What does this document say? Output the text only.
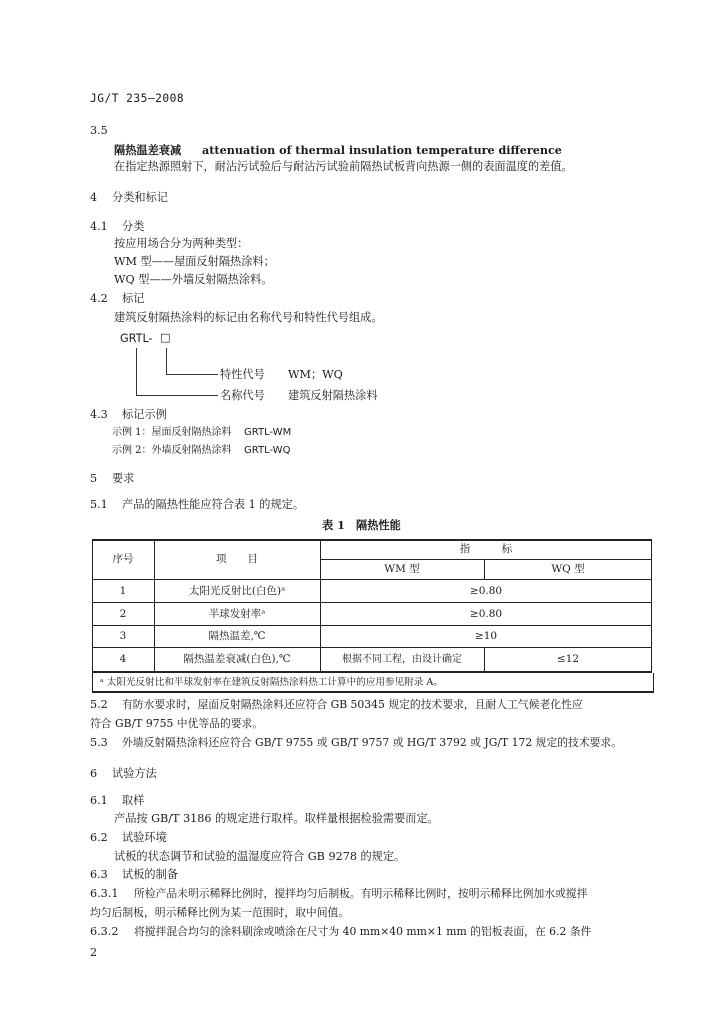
JG/T 235—2008
3.5
隔热温差衰减 attenuation of thermal insulation temperature difference
在指定热源照射下，耐沾污试验后与耐沾污试验前隔热试板背向热源一侧的表面温度的差值。
4 分类和标记
4.1 分类
按应用场合分为两种类型：
WM 型——屋面反射隔热涂料；
WQ 型——外墙反射隔热涂料。
4.2 标记
建筑反射隔热涂料的标记由名称代号和特性代号组成。
GRTL- □
特性代号 WM；WQ
名称代号 建筑反射隔热涂料
4.3 标记示例
示例 1：屋面反射隔热涂料 GRTL-WM
示例 2：外墙反射隔热涂料 GRTL-WQ
5 要求
5.1 产品的隔热性能应符合表 1 的规定。
表 1　隔热性能
序号	项　　目
指　　　标
WM 型	WQ 型
1	太阳光反射比(白色)ᵃ	≥0.80
2	半球发射率ᵃ	≥0.80
3	隔热温差,℃	≥10
4	隔热温差衰减(白色),℃	根据不同工程，由设计确定	≤12
ᵃ 太阳光反射比和半球发射率在建筑反射隔热涂料热工计算中的应用参见附录 A。
5.2 有防水要求时，屋面反射隔热涂料还应符合 GB 50345 规定的技术要求，且耐人工气候老化性应
符合 GB/T 9755 中优等品的要求。
5.3 外墙反射隔热涂料还应符合 GB/T 9755 或 GB/T 9757 或 HG/T 3792 或 JG/T 172 规定的技术要求。
6 试验方法
6.1 取样
产品按 GB/T 3186 的规定进行取样。取样量根据检验需要而定。
6.2 试验环境
试板的状态调节和试验的温湿度应符合 GB 9278 的规定。
6.3 试板的制备
6.3.1 所检产品未明示稀释比例时，搅拌均匀后制板。有明示稀释比例时，按明示稀释比例加水或搅拌
均匀后制板，明示稀释比例为某一范围时，取中间值。
6.3.2 将搅拌混合均匀的涂料刷涂或喷涂在尺寸为 40 mm×40 mm×1 mm 的铝板表面，在 6.2 条件
2
